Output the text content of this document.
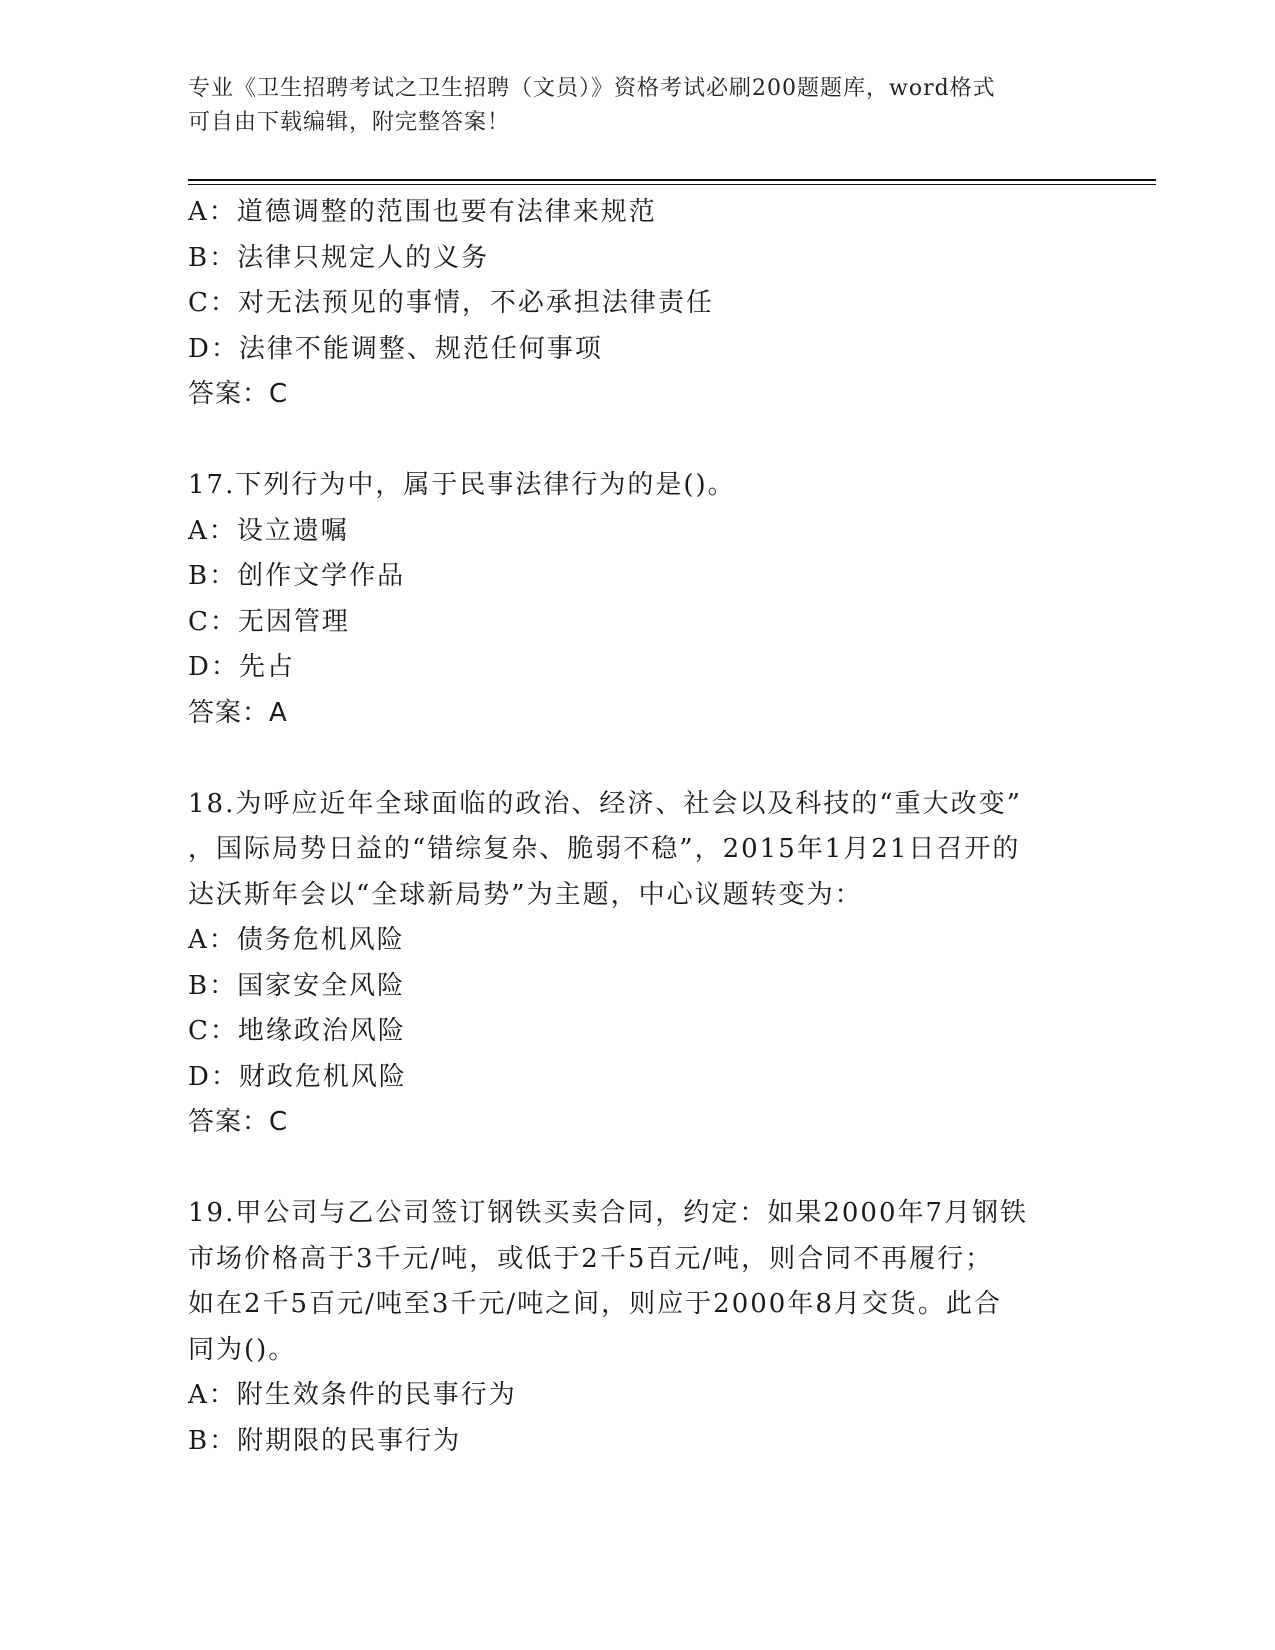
专业《卫生招聘考试之卫生招聘（文员）》资格考试必刷200题题库，word格式
可自由下载编辑，附完整答案！
A：道德调整的范围也要有法律来规范
B：法律只规定人的义务
C：对无法预见的事情，不必承担法律责任
D：法律不能调整、规范任何事项
答案：C
17.下列行为中，属于民事法律行为的是()。
A：设立遗嘱
B：创作文学作品
C：无因管理
D：先占
答案：A
18.为呼应近年全球面临的政治、经济、社会以及科技的“重大改变”
，国际局势日益的“错综复杂、脆弱不稳”，2015年1月21日召开的
达沃斯年会以“全球新局势”为主题，中心议题转变为：
A：债务危机风险
B：国家安全风险
C：地缘政治风险
D：财政危机风险
答案：C
19.甲公司与乙公司签订钢铁买卖合同，约定：如果2000年7月钢铁
市场价格高于3千元/吨，或低于2千5百元/吨，则合同不再履行；
如在2千5百元/吨至3千元/吨之间，则应于2000年8月交货。此合
同为()。
A：附生效条件的民事行为
B：附期限的民事行为
